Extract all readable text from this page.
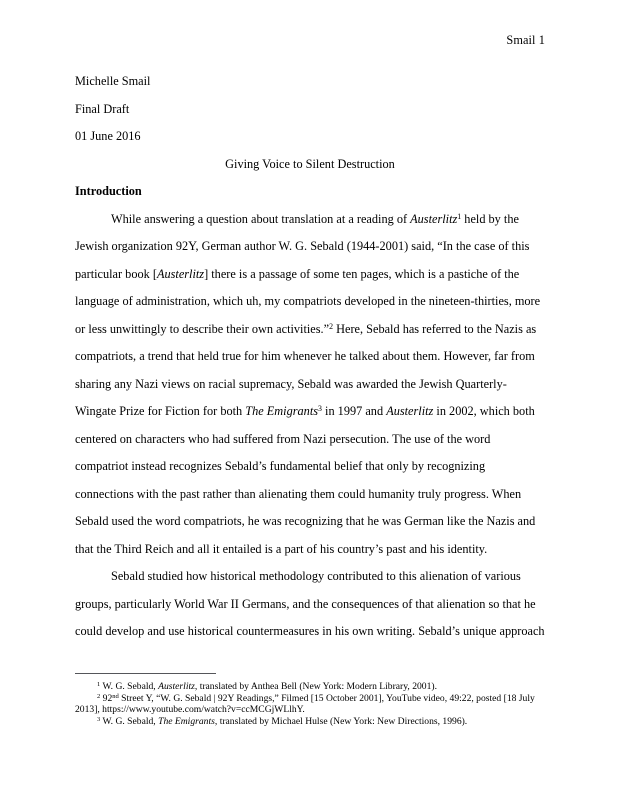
Smail 1

Michelle Smail

Final Draft

01 June 2016

Giving Voice to Silent Destruction
Introduction

While answering a question about translation at a reading of Austerlitz$^1$ held by the Jewish organization 92Y, German author W. G. Sebald (1944-2001) said, “In the case of this particular book [Austerlitz] there is a passage of some ten pages, which is a pastiche of the language of administration, which uh, my compatriots developed in the nineteen-thirties, more or less unwittingly to describe their own activities.”$^2$ Here, Sebald has referred to the Nazis as compatriots, a trend that held true for him whenever he talked about them. However, far from sharing any Nazi views on racial supremacy, Sebald was awarded the Jewish Quarterly-Wingate Prize for Fiction for both The Emigrants$^3$ in 1997 and Austerlitz in 2002, which both centered on characters who had suffered from Nazi persecution. The use of the word compatriot instead recognizes Sebald’s fundamental belief that only by recognizing connections with the past rather than alienating them could humanity truly progress. When Sebald used the word compatriots, he was recognizing that he was German like the Nazis and that the Third Reich and all it entailed is a part of his country’s past and his identity.

Sebald studied how historical methodology contributed to this alienation of various groups, particularly World War II Germans, and the consequences of that alienation so that he could develop and use historical countermeasures in his own writing. Sebald’s unique approach

$^1$ W. G. Sebald, Austerlitz, translated by Anthea Bell (New York: Modern Library, 2001).

$^2$ 92nd Street Y, “W. G. Sebald | 92Y Readings,” Filmed [15 October 2001], YouTube video, 49:22, posted [18 July 2013], https://www.youtube.com/watch?v=ccMCGjWLlhY.

$^3$ W. G. Sebald, The Emigrants, translated by Michael Hulse (New York: New Directions, 1996).
